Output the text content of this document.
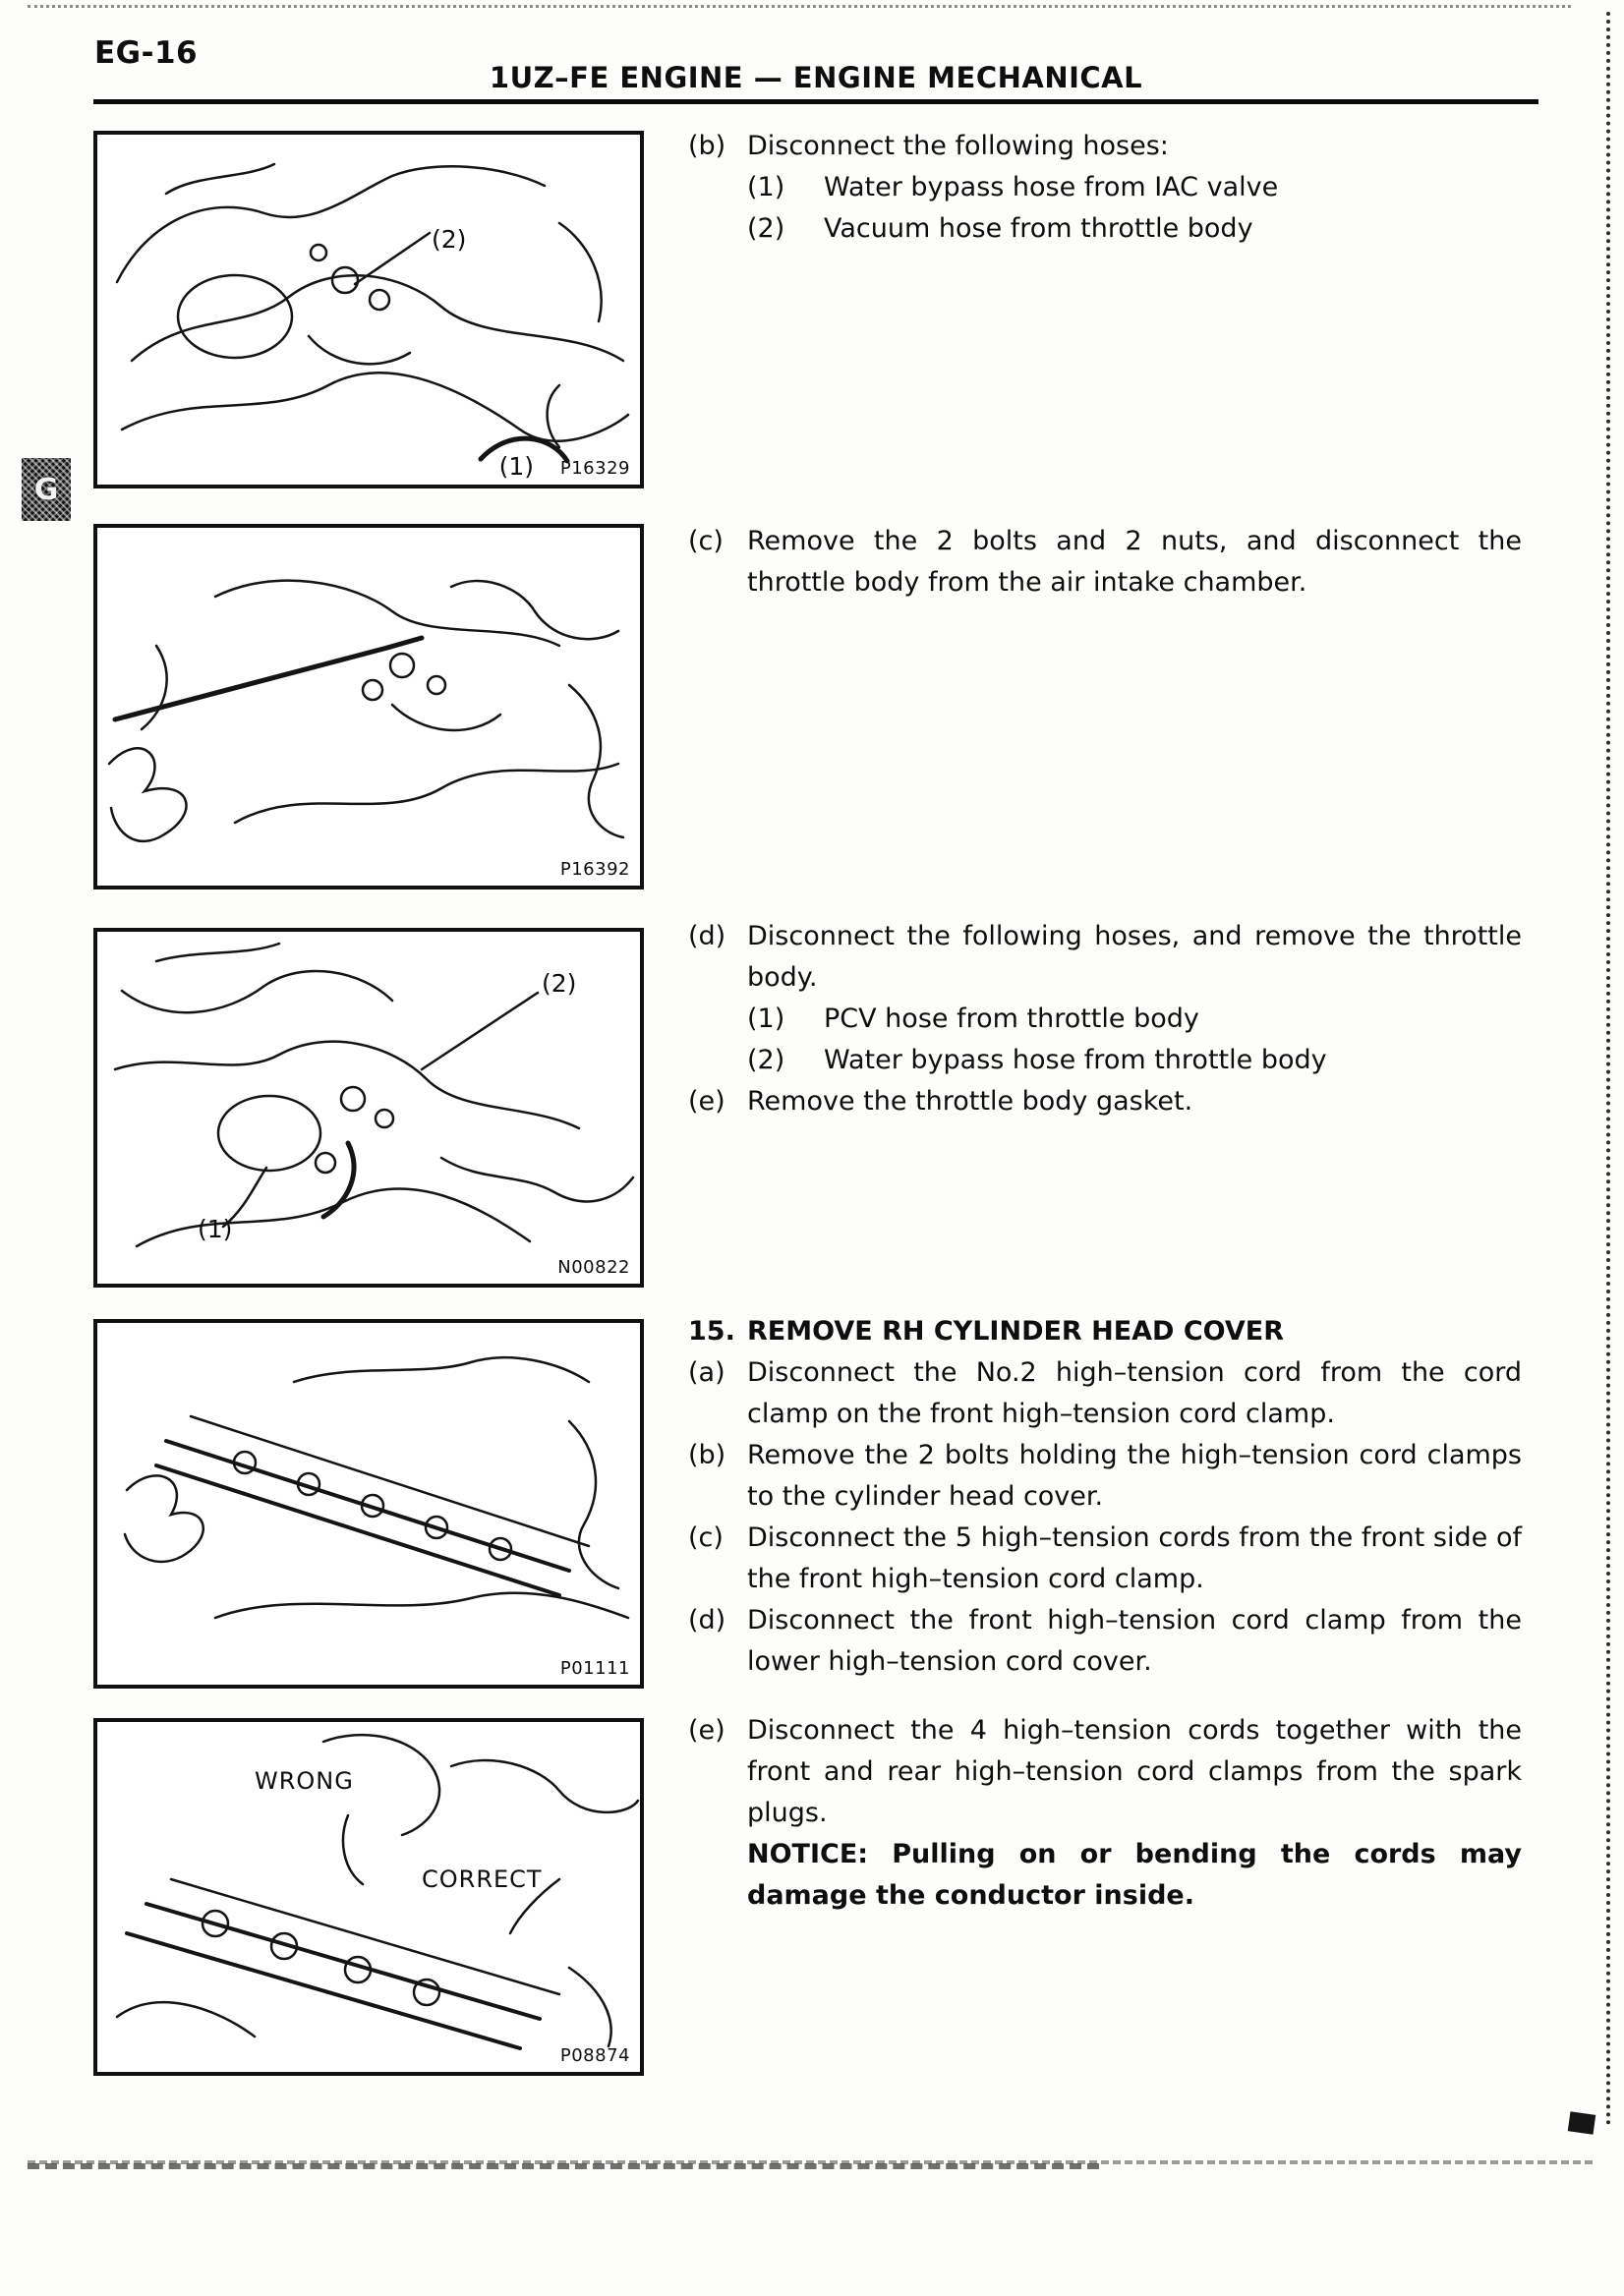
EG-16
1UZ–FE ENGINE — ENGINE MECHANICAL
G
(2)
(1) P16329
P16392
(2)
(1)
N00822
P01111
WRONG
CORRECT
P08874
(b) Disconnect the following hoses:
(1)	Water bypass hose from IAC valve
(2)	Vacuum hose from throttle body
(c) Remove the 2 bolts and 2 nuts, and disconnect the throttle body from the air intake chamber.
(d) Disconnect the following hoses, and remove the throttle body.
(1)	PCV hose from throttle body
(2)	Water bypass hose from throttle body
(e) Remove the throttle body gasket.
15. REMOVE RH CYLINDER HEAD COVER
(a) Disconnect the No.2 high–tension cord from the cord clamp on the front high–tension cord clamp.
(b) Remove the 2 bolts holding the high–tension cord clamps to the cylinder head cover.
(c) Disconnect the 5 high–tension cords from the front side of the front high–tension cord clamp.
(d) Disconnect the front high–tension cord clamp from the lower high–tension cord cover.
(e) Disconnect the 4 high–tension cords together with the front and rear high–tension cord clamps from the spark plugs.
NOTICE: Pulling on or bending the cords may damage the conductor inside.
